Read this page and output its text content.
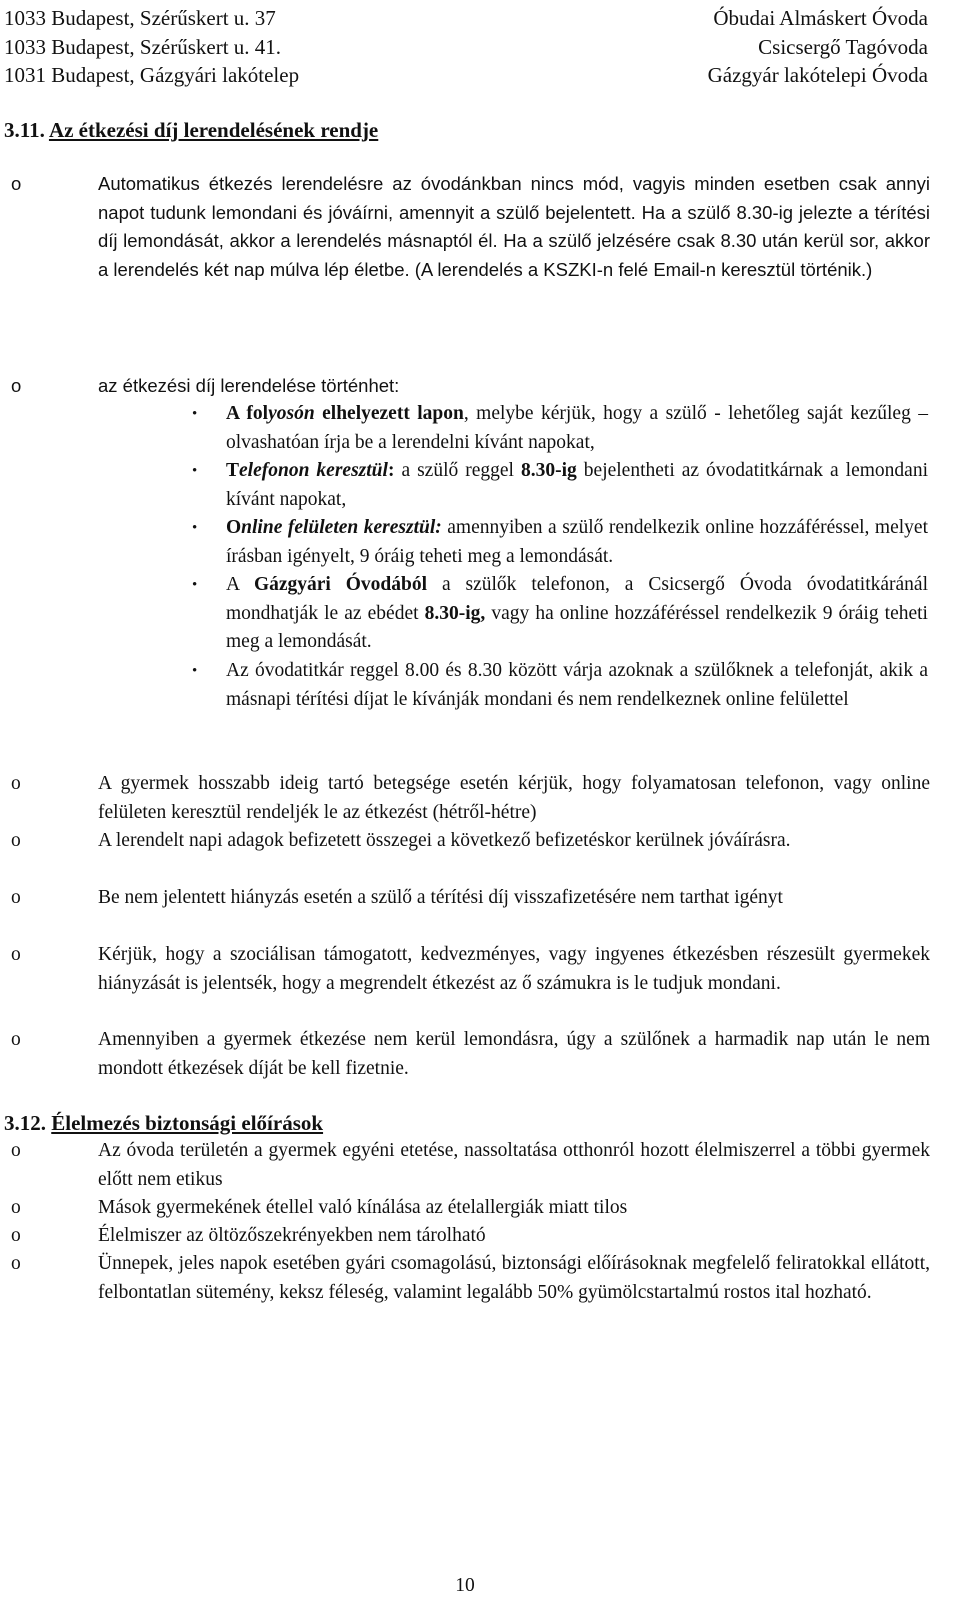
1033 Budapest, Szérűskert u. 37	Óbudai Almáskert Óvoda
1033 Budapest, Szérűskert u. 41.	Csicsergő Tagóvoda
1031 Budapest, Gázgyári lakótelep	Gázgyár lakótelepi Óvoda
3.11. Az étkezési díj lerendelésének rendje
o	Automatikus étkezés lerendelésre az óvodánkban nincs mód, vagyis minden esetben csak annyi napot tudunk lemondani és jóváírni, amennyit a szülő bejelentett. Ha a szülő 8.30-ig jelezte a térítési díj lemondását, akkor a lerendelés másnaptól él. Ha a szülő jelzésére csak 8.30 után kerül sor, akkor a lerendelés két nap múlva lép életbe. (A lerendelés a KSZKI-n felé Email-n keresztül történik.)
o	az étkezési díj lerendelése történhet:
•	A folyosón elhelyezett lapon, melybe kérjük, hogy a szülő - lehetőleg saját kezűleg – olvashatóan írja be a lerendelni kívánt napokat,
•	Telefonon keresztül: a szülő reggel 8.30-ig bejelentheti az óvodatitkárnak a lemondani kívánt napokat,
•	Online felületen keresztül: amennyiben a szülő rendelkezik online hozzáféréssel, melyet írásban igényelt, 9 óráig teheti meg a lemondását.
•	A Gázgyári Óvodából a szülők telefonon, a Csicsergő Óvoda óvodatitkáránál mondhatják le az ebédet 8.30-ig, vagy ha online hozzáféréssel rendelkezik 9 óráig teheti meg a lemondását.
•	Az óvodatitkár reggel 8.00 és 8.30 között várja azoknak a szülőknek a telefonját, akik a másnapi térítési díjat le kívánják mondani és nem rendelkeznek online felülettel
o	A gyermek hosszabb ideig tartó betegsége esetén kérjük, hogy folyamatosan telefonon, vagy online felületen keresztül rendeljék le az étkezést (hétről-hétre)
o	A lerendelt napi adagok befizetett összegei a következő befizetéskor kerülnek jóváírásra.
o	Be nem jelentett hiányzás esetén a szülő a térítési díj visszafizetésére nem tarthat igényt
o	Kérjük, hogy a szociálisan támogatott, kedvezményes, vagy ingyenes étkezésben részesült gyermekek hiányzását is jelentsék, hogy a megrendelt étkezést az ő számukra is le tudjuk mondani.
o	Amennyiben a gyermek étkezése nem kerül lemondásra, úgy a szülőnek a harmadik nap után le nem mondott étkezések díját be kell fizetnie.
3.12. Élelmezés biztonsági előírások
o	Az óvoda területén a gyermek egyéni etetése, nassoltatása otthonról hozott élelmiszerrel a többi gyermek előtt nem etikus
o	Mások gyermekének étellel való kínálása az ételallergiák miatt tilos
o	Élelmiszer az öltözőszekrényekben nem tárolható
o	Ünnepek, jeles napok esetében gyári csomagolású, biztonsági előírásoknak megfelelő feliratokkal ellátott, felbontatlan sütemény, keksz féleség, valamint legalább 50% gyümölcstartalmú rostos ital hozható.
10
